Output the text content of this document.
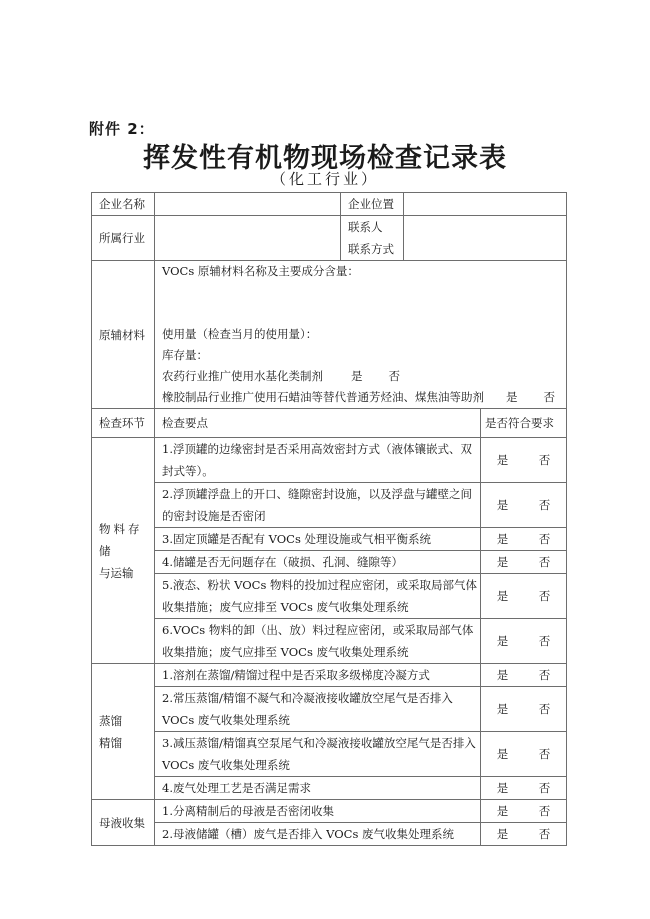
附件 2：
挥发性有机物现场检查记录表
（化工行业）
企业名称		企业位置		
所属行业		联系人
联系方式		

原辅材料	VOCs 原辅材料名称及主要成分含量：
使用量（检查当月的使用量）：
库存量：
农药行业推广使用水基化类制剂 是 否
橡胶制品行业推广使用石蜡油等替代普通芳烃油、煤焦油等助剂 是 否			

检查环节	检查要点			是否符合要求

物料存储
与运输	1.浮顶罐的边缘密封是否采用高效密封方式（液体镶嵌式、双封式等）。			是 否
	2.浮顶罐浮盘上的开口、缝隙密封设施，以及浮盘与罐壁之间的密封设施是否密闭			是 否
	3.固定顶罐是否配有 VOCs 处理设施或气相平衡系统			是 否
	4.储罐是否无问题存在（破损、孔洞、缝隙等）			是 否
	5.液态、粉状 VOCs 物料的投加过程应密闭，或采取局部气体收集措施；废气应排至 VOCs 废气收集处理系统			是 否
	6.VOCs 物料的卸（出、放）料过程应密闭，或采取局部气体收集措施；废气应排至 VOCs 废气收集处理系统			是 否

蒸馏
精馏	1.溶剂在蒸馏/精馏过程中是否采取多级梯度冷凝方式			是 否
	2.常压蒸馏/精馏不凝气和冷凝液接收罐放空尾气是否排入 VOCs 废气收集处理系统			是 否
	3.减压蒸馏/精馏真空泵尾气和冷凝液接收罐放空尾气是否排入 VOCs 废气收集处理系统			是 否
	4.废气处理工艺是否满足需求			是 否

母液收集	1.分离精制后的母液是否密闭收集			是 否
	2.母液储罐（槽）废气是否排入 VOCs 废气收集处理系统			是 否
